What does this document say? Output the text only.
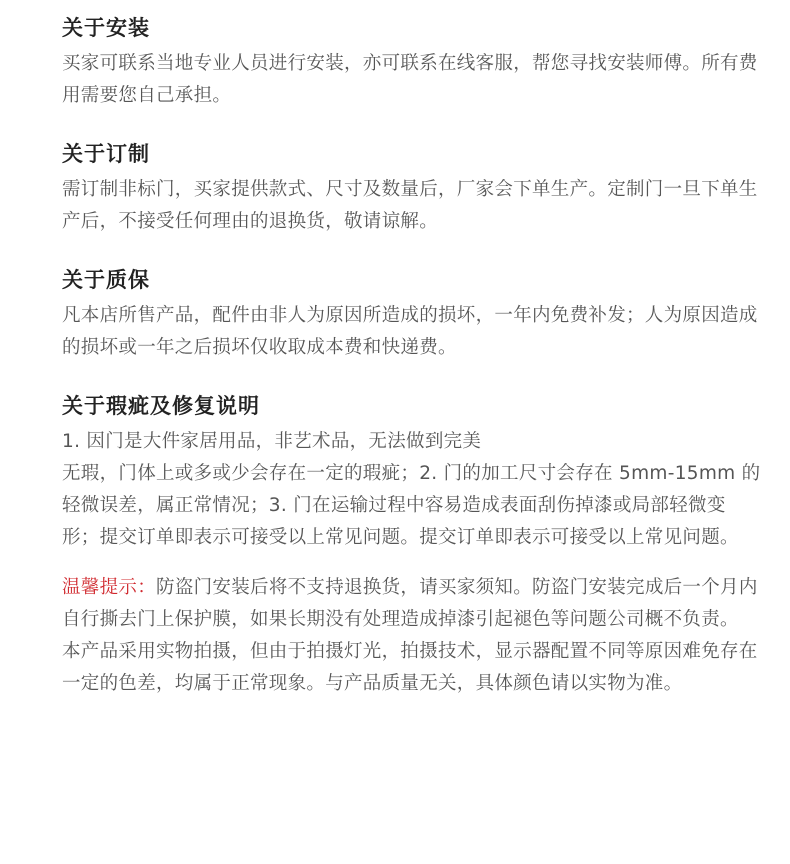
关于安装

买家可联系当地专业人员进行安装，亦可联系在线客服，帮您寻找安装师傅。所有费用需要您自己承担。

关于订制

需订制非标门，买家提供款式、尺寸及数量后，厂家会下单生产。定制门一旦下单生产后，不接受任何理由的退换货，敬请谅解。

关于质保

凡本店所售产品，配件由非人为原因所造成的损坏，一年内免费补发；人为原因造成的损坏或一年之后损坏仅收取成本费和快递费。

关于瑕疵及修复说明

1. 因门是大件家居用品，非艺术品，无法做到完美

无瑕，门体上或多或少会存在一定的瑕疵；2. 门的加工尺寸会存在 5mm-15mm 的轻微误差，属正常情况；3. 门在运输过程中容易造成表面刮伤掉漆或局部轻微变形；提交订单即表示可接受以上常见问题。提交订单即表示可接受以上常见问题。

温馨提示：防盗门安装后将不支持退换货，请买家须知。防盗门安装完成后一个月内自行撕去门上保护膜，如果长期没有处理造成掉漆引起褪色等问题公司概不负责。

本产品采用实物拍摄，但由于拍摄灯光，拍摄技术，显示器配置不同等原因难免存在一定的色差，均属于正常现象。与产品质量无关，具体颜色请以实物为准。
